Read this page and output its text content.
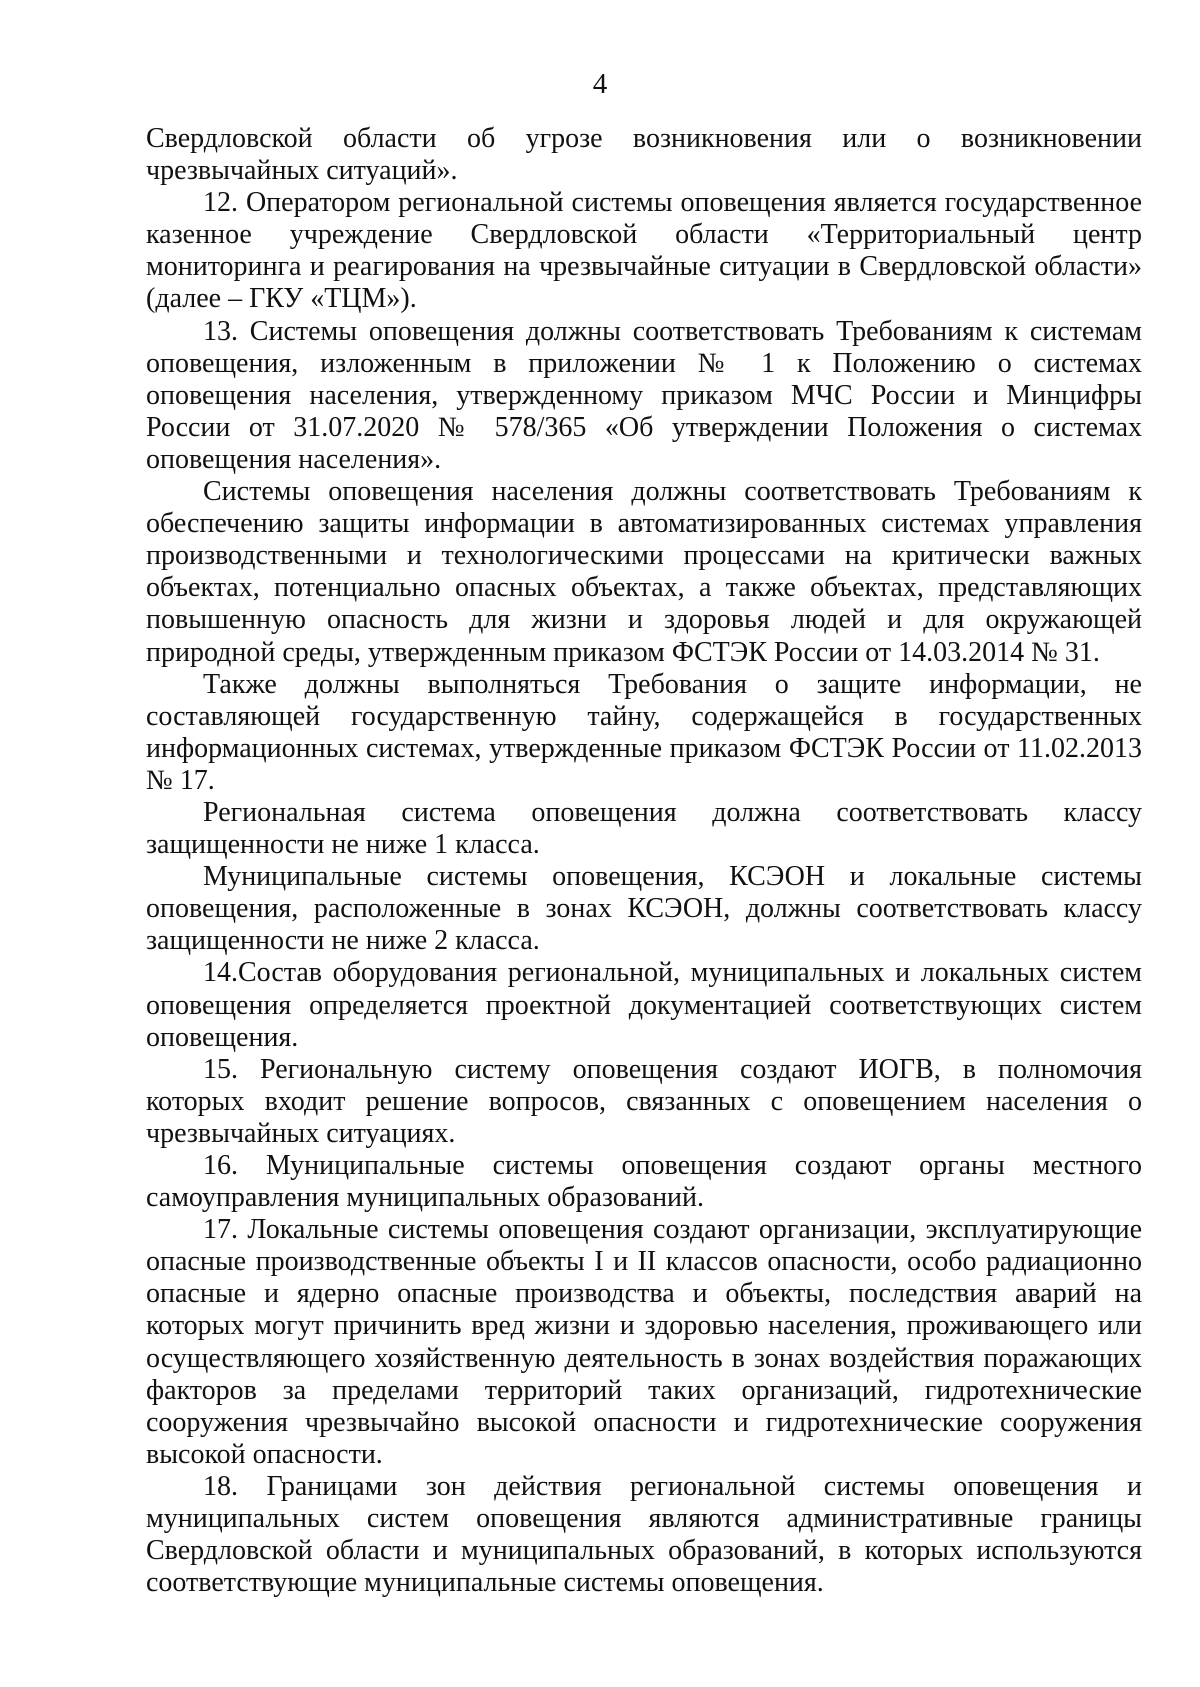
4

Свердловской области об угрозе возникновения или о возникновении чрезвычайных ситуаций».

12. Оператором региональной системы оповещения является государственное казенное учреждение Свердловской области «Территориальный центр мониторинга и реагирования на чрезвычайные ситуации в Свердловской области» (далее – ГКУ «ТЦМ»).

13. Системы оповещения должны соответствовать Требованиям к системам оповещения, изложенным в приложении № 1 к Положению о системах оповещения населения, утвержденному приказом МЧС России и Минцифры России от 31.07.2020 № 578/365 «Об утверждении Положения о системах оповещения населения».

Системы оповещения населения должны соответствовать Требованиям к обеспечению защиты информации в автоматизированных системах управления производственными и технологическими процессами на критически важных объектах, потенциально опасных объектах, а также объектах, представляющих повышенную опасность для жизни и здоровья людей и для окружающей природной среды, утвержденным приказом ФСТЭК России от 14.03.2014 № 31.

Также должны выполняться Требования о защите информации, не составляющей государственную тайну, содержащейся в государственных информационных системах, утвержденные приказом ФСТЭК России от 11.02.2013 № 17.

Региональная система оповещения должна соответствовать классу защищенности не ниже 1 класса.

Муниципальные системы оповещения, КСЭОН и локальные системы оповещения, расположенные в зонах КСЭОН, должны соответствовать классу защищенности не ниже 2 класса.

14.Состав оборудования региональной, муниципальных и локальных систем оповещения определяется проектной документацией соответствующих систем оповещения.

15. Региональную систему оповещения создают ИОГВ, в полномочия которых входит решение вопросов, связанных с оповещением населения о чрезвычайных ситуациях.

16. Муниципальные системы оповещения создают органы местного самоуправления муниципальных образований.

17. Локальные системы оповещения создают организации, эксплуатирующие опасные производственные объекты I и II классов опасности, особо радиационно опасные и ядерно опасные производства и объекты, последствия аварий на которых могут причинить вред жизни и здоровью населения, проживающего или осуществляющего хозяйственную деятельность в зонах воздействия поражающих факторов за пределами территорий таких организаций, гидротехнические сооружения чрезвычайно высокой опасности и гидротехнические сооружения высокой опасности.

18. Границами зон действия региональной системы оповещения и муниципальных систем оповещения являются административные границы Свердловской области и муниципальных образований, в которых используются соответствующие муниципальные системы оповещения.
